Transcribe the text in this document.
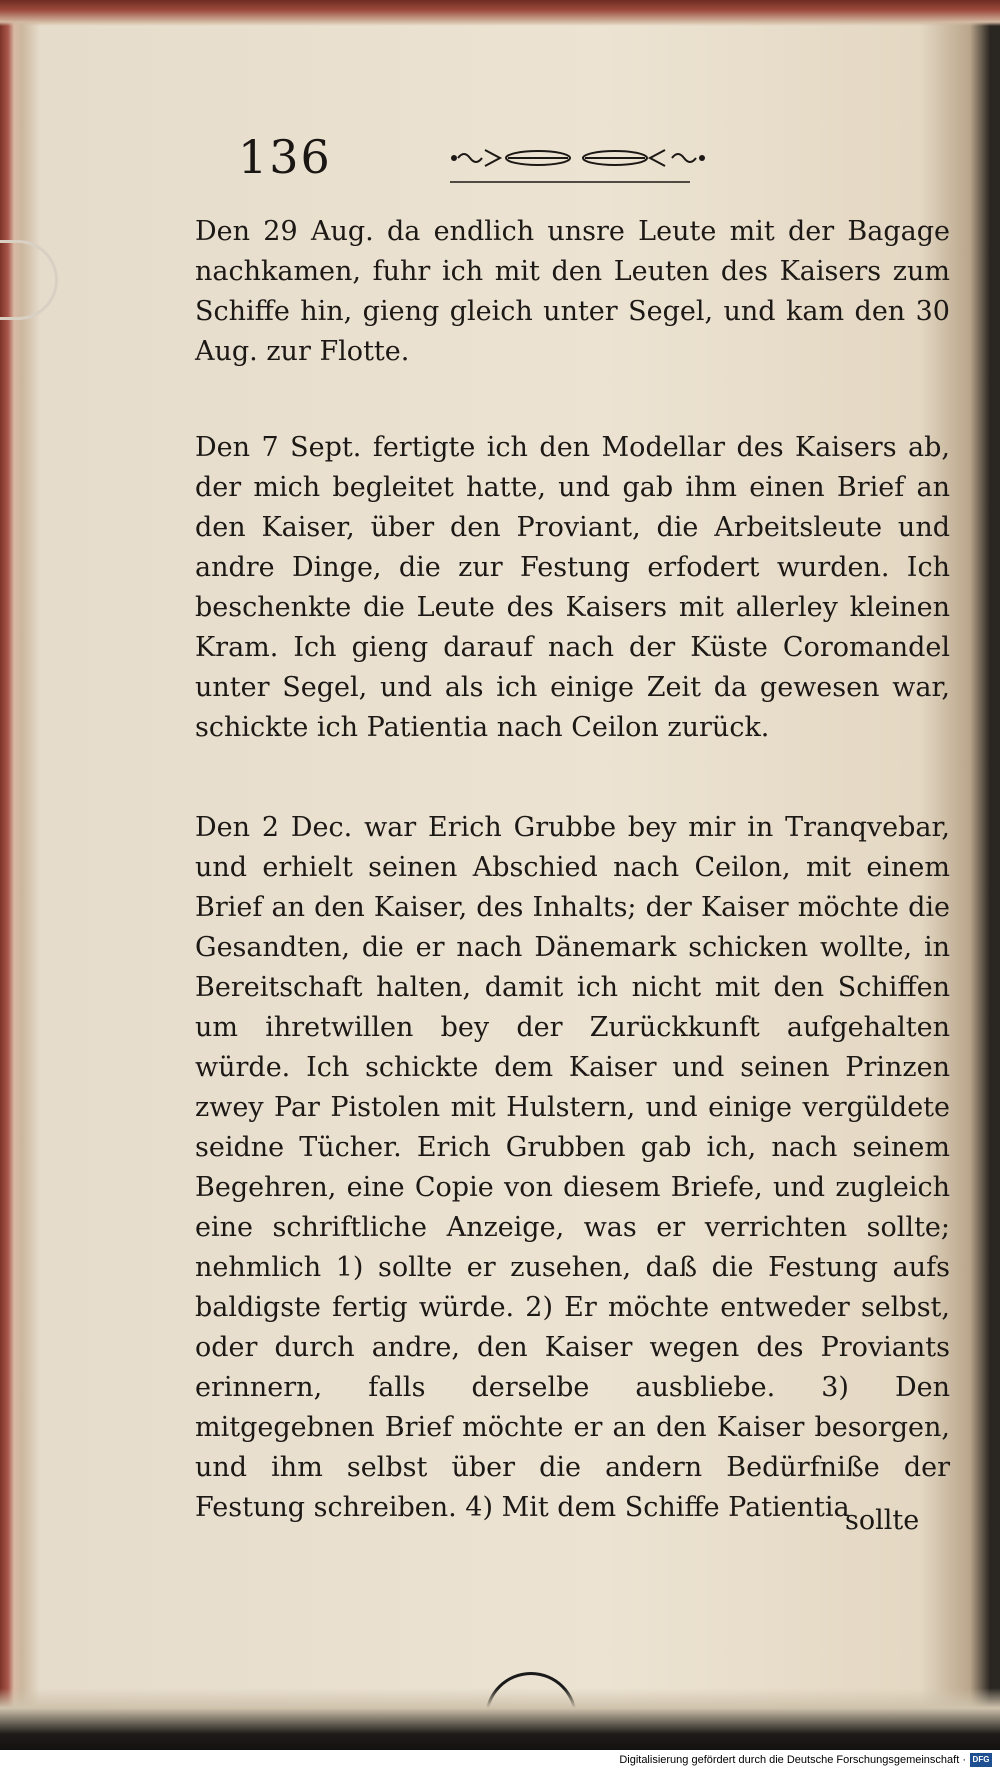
136

Den 29 Aug. da endlich unsre Leute mit der Bagage nachkamen, fuhr ich mit den Leuten des Kaisers zum Schiffe hin, gieng gleich unter Segel, und kam den 30 Aug. zur Flotte.

Den 7 Sept. fertigte ich den Modellar des Kaisers ab, der mich begleitet hatte, und gab ihm einen Brief an den Kaiser, über den Proviant, die Arbeitsleute und andre Dinge, die zur Festung erfodert wurden. Ich beschenkte die Leute des Kaisers mit allerley kleinen Kram. Ich gieng darauf nach der Küste Coromandel unter Segel, und als ich einige Zeit da gewesen war, schickte ich Patientia nach Ceilon zurück.

Den 2 Dec. war Erich Grubbe bey mir in Tranqvebar, und erhielt seinen Abschied nach Ceilon, mit einem Brief an den Kaiser, des Inhalts; der Kaiser möchte die Gesandten, die er nach Dänemark schicken wollte, in Bereitschaft halten, damit ich nicht mit den Schiffen um ihretwillen bey der Zurückkunft aufgehalten würde. Ich schickte dem Kaiser und seinen Prinzen zwey Par Pistolen mit Hulstern, und einige vergüldete seidne Tücher. Erich Grubben gab ich, nach seinem Begehren, eine Copie von diesem Briefe, und zugleich eine schriftliche Anzeige, was er verrichten sollte; nehmlich 1) sollte er zusehen, daß die Festung aufs baldigste fertig würde. 2) Er möchte entweder selbst, oder durch andre, den Kaiser wegen des Proviants erinnern, falls derselbe ausbliebe. 3) Den mitgegebnen Brief möchte er an den Kaiser besorgen, und ihm selbst über die andern Bedürfniße der Festung schreiben. 4) Mit dem Schiffe Patientia

sollte
Digitalisierung gefördert durch die Deutsche Forschungsgemeinschaft · DFG
